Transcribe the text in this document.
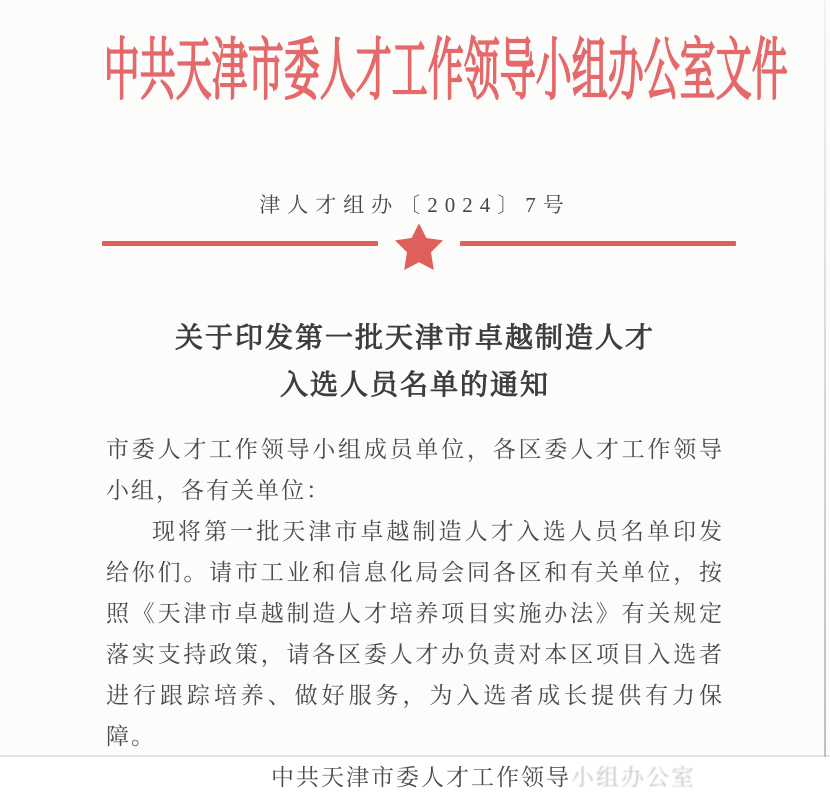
中共天津市委人才工作领导小组办公室文件
津人才组办〔2024〕7号
关于印发第一批天津市卓越制造人才
入选人员名单的通知

市委人才工作领导小组成员单位，各区委人才工作领导小组，各有关单位：

现将第一批天津市卓越制造人才入选人员名单印发给你们。请市工业和信息化局会同各区和有关单位，按照《天津市卓越制造人才培养项目实施办法》有关规定落实支持政策，请各区委人才办负责对本区项目入选者进行跟踪培养、做好服务，为入选者成长提供有力保障。

中共天津市委人才工作领导小组办公室
